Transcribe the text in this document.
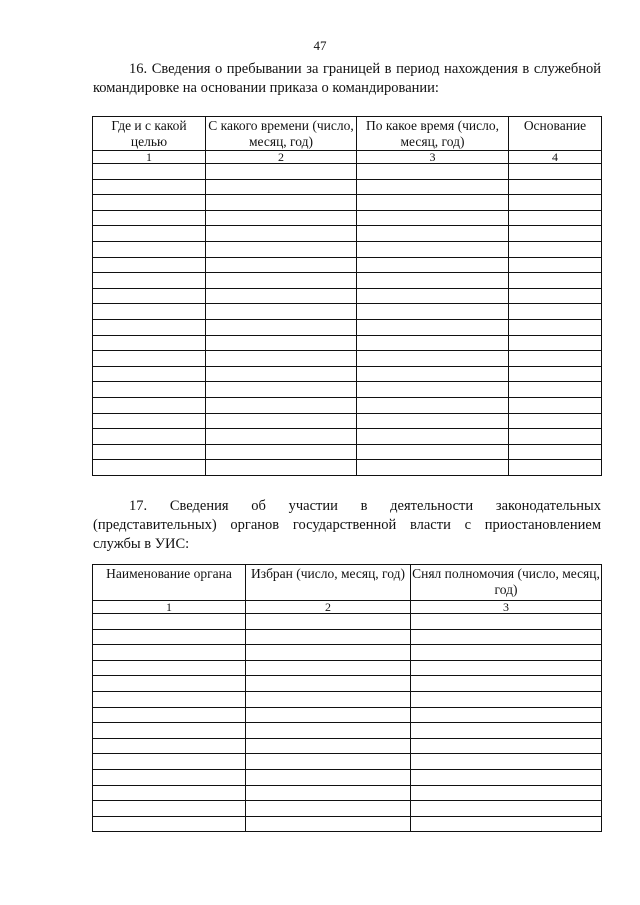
47
16. Сведения о пребывании за границей в период нахождения в служебной командировке на основании приказа о командировании:
Где и с какой целью	С какого времени (число, месяц, год)	По какое время (число, месяц, год)	Основание
1	2	3	4

17. Сведения об участии в деятельности законодательных (представительных) органов государственной власти с приостановлением службы в УИС:
Наименование органа	Избран (число, месяц, год)	Снял полномочия (число, месяц, год)
1	2	3
